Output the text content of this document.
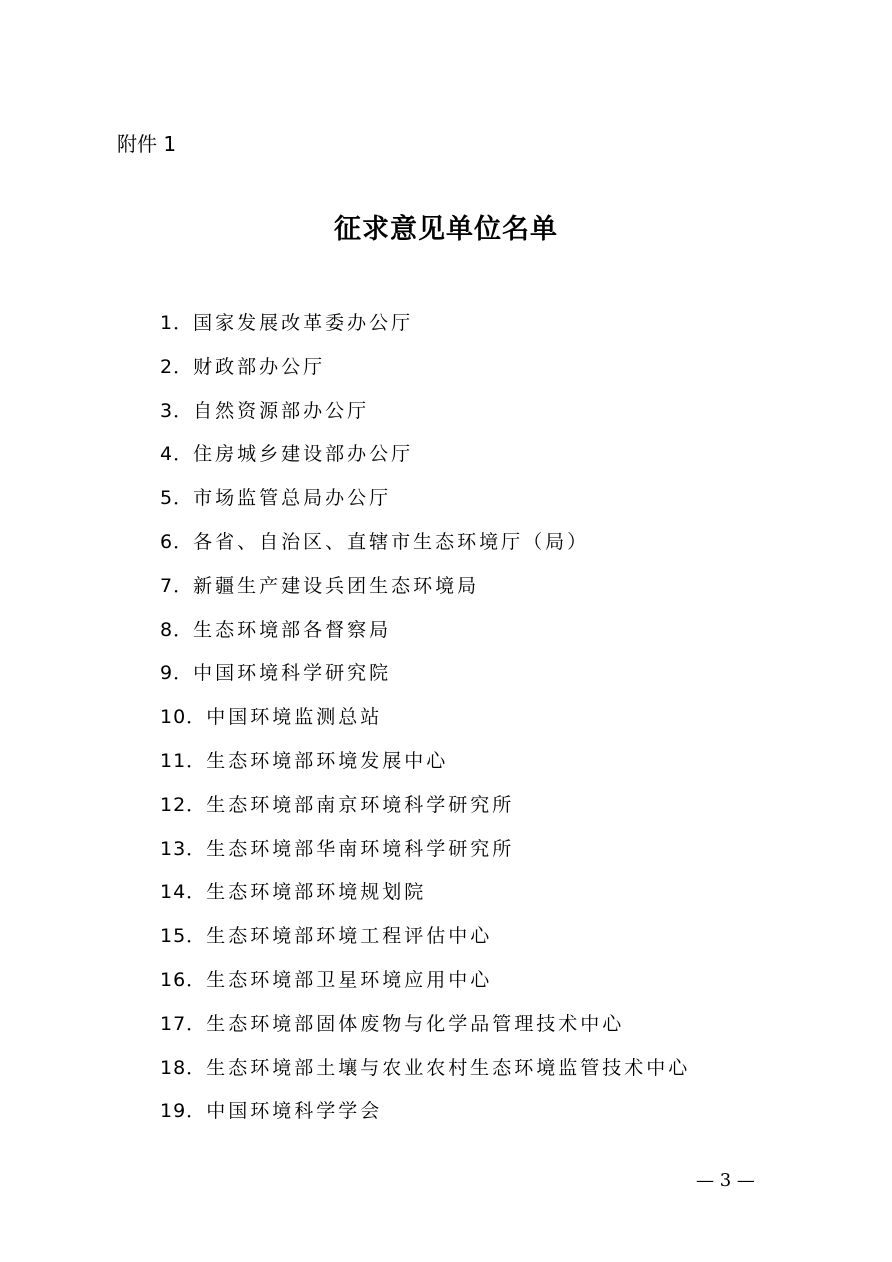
附件 1
征求意见单位名单
1．国家发展改革委办公厅
2．财政部办公厅
3．自然资源部办公厅
4．住房城乡建设部办公厅
5．市场监管总局办公厅
6．各省、自治区、直辖市生态环境厅（局）
7．新疆生产建设兵团生态环境局
8．生态环境部各督察局
9．中国环境科学研究院
10．中国环境监测总站
11．生态环境部环境发展中心
12．生态环境部南京环境科学研究所
13．生态环境部华南环境科学研究所
14．生态环境部环境规划院
15．生态环境部环境工程评估中心
16．生态环境部卫星环境应用中心
17．生态环境部固体废物与化学品管理技术中心
18．生态环境部土壤与农业农村生态环境监管技术中心
19．中国环境科学学会
— 3 —
